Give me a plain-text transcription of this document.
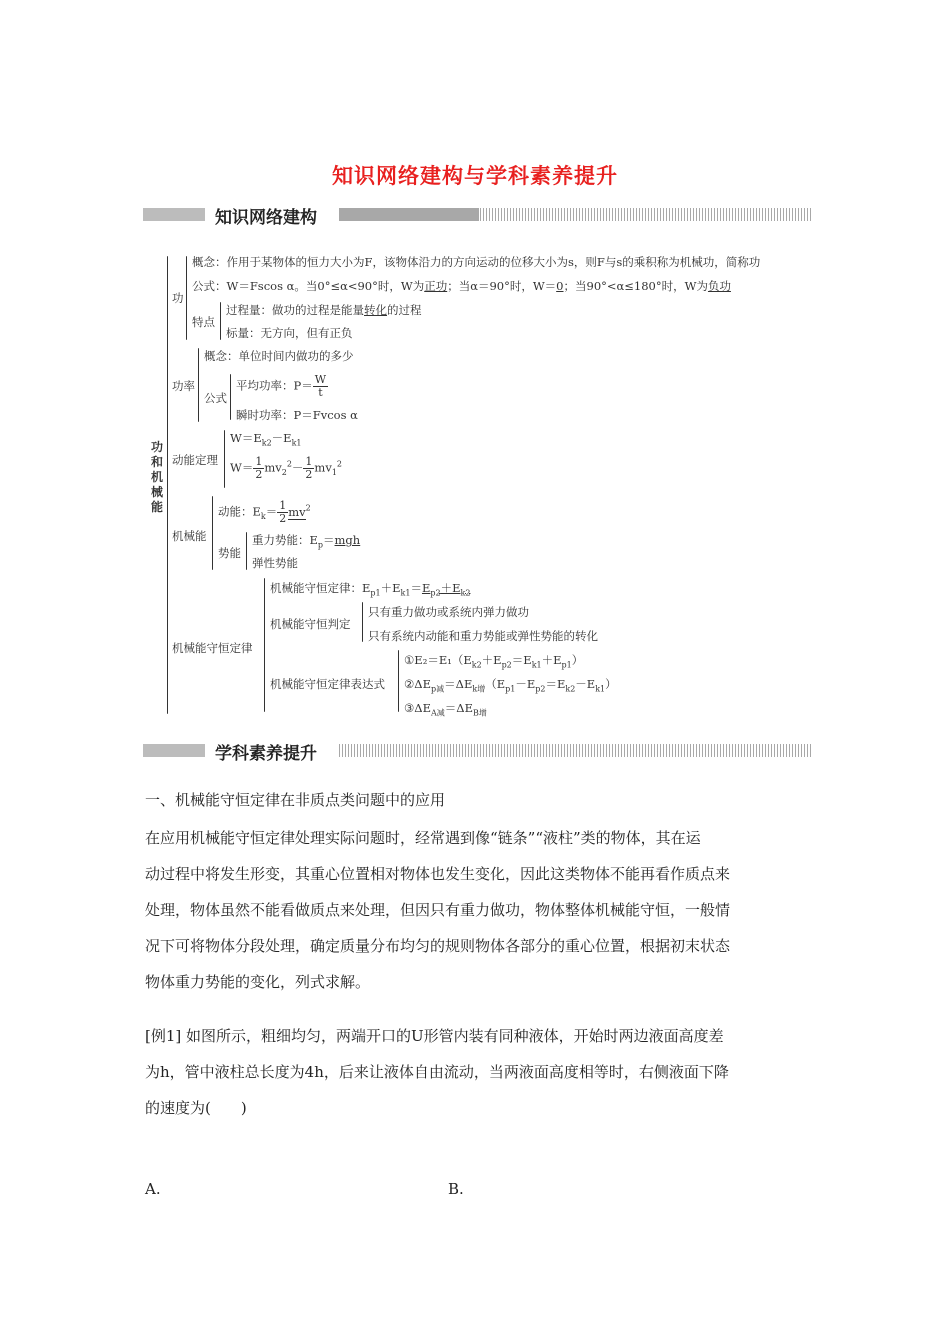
知识网络建构与学科素养提升
知识网络建构
功和机械能
功
概念：作用于某物体的恒力大小为F，该物体沿力的方向运动的位移大小为s，则F与s的乘积称为机械功，简称功
公式：W＝Fscos α。当0°≤α<90°时，W为正功；当α＝90°时，W＝0；当90°<α≤180°时，W为负功
特点
过程量：做功的过程是能量转化的过程
标量：无方向，但有正负
功率
概念：单位时间内做功的多少
公式
平均功率：$P= \frac{W}{t}$
瞬时功率：P＝Fvcos α
动能定理
$W=E_{k2}-E_{k1}$
$W= \frac{1}{2} mv_2^2- \frac{1}{2} mv_1^2$
机械能
动能：$E_k= \frac{1}{2} mv^2$
势能
重力势能：$E_p=mgh$
弹性势能
机械能守恒定律
机械能守恒定律：$E_{p1}+E_{k1}=E_{p2}+E_{k2}$
机械能守恒判定
只有重力做功或系统内弹力做功
只有系统内动能和重力势能或弹性势能的转化
机械能守恒定律表达式
$①E_2=E_1(E_{k2}+E_{p2}=E_{k1}+E_{p1})$
$②\Delta E_{p减}=\Delta E_{k增}(E_{p1}-E_{p2}=E_{k2}-E_{k1})$
$③\Delta E_{A减}=\Delta E_{B增}$
学科素养提升

一、机械能守恒定律在非质点类问题中的应用

在应用机械能守恒定律处理实际问题时，经常遇到像“链条”“液柱”类的物体，其在运

动过程中将发生形变，其重心位置相对物体也发生变化，因此这类物体不能再看作质点来

处理，物体虽然不能看做质点来处理，但因只有重力做功，物体整体机械能守恒，一般情

况下可将物体分段处理，确定质量分布均匀的规则物体各部分的重心位置，根据初末状态

物体重力势能的变化，列式求解。

[例1] 如图所示，粗细均匀，两端开口的U形管内装有同种液体，开始时两边液面高度差

为h，管中液柱总长度为4h，后来让液体自由流动，当两液面高度相等时，右侧液面下降

的速度为(　　)

A.	B.
